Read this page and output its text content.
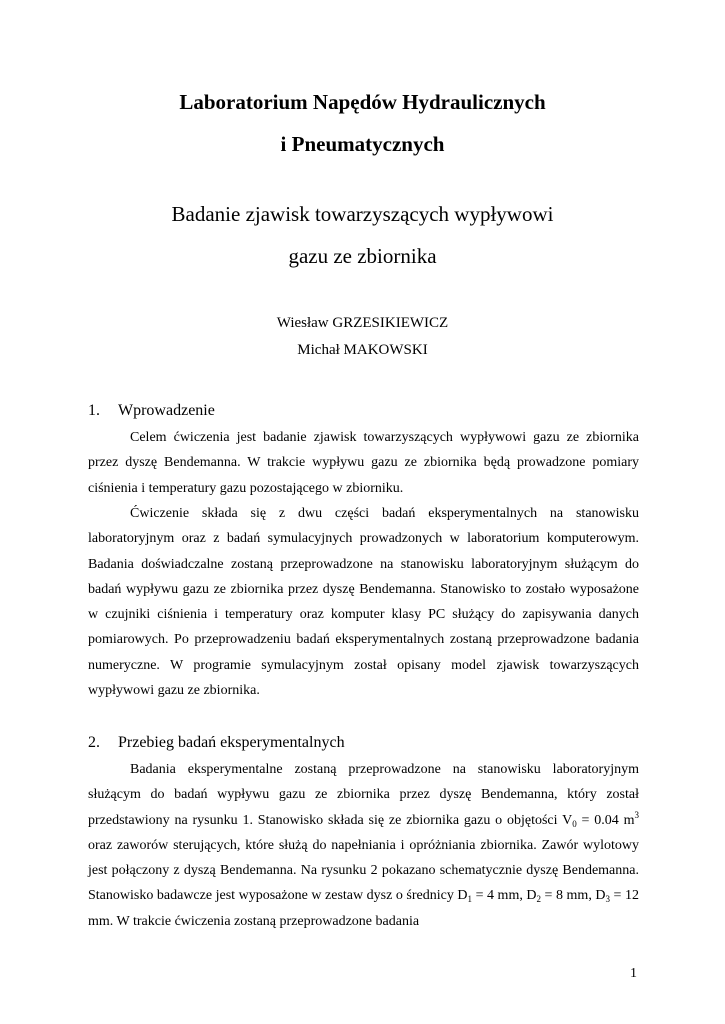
Laboratorium Napędów Hydraulicznych
i Pneumatycznych
Badanie zjawisk towarzyszących wypływowi
gazu ze zbiornika
Wiesław GRZESIKIEWICZ
Michał MAKOWSKI
1. Wprowadzenie

Celem ćwiczenia jest badanie zjawisk towarzyszących wypływowi gazu ze zbiornika przez dyszę Bendemanna. W trakcie wypływu gazu ze zbiornika będą prowadzone pomiary ciśnienia i temperatury gazu pozostającego w zbiorniku.

Ćwiczenie składa się z dwu części badań eksperymentalnych na stanowisku laboratoryjnym oraz z badań symulacyjnych prowadzonych w laboratorium komputerowym. Badania doświadczalne zostaną przeprowadzone na stanowisku laboratoryjnym służącym do badań wypływu gazu ze zbiornika przez dyszę Bendemanna. Stanowisko to zostało wyposażone w czujniki ciśnienia i temperatury oraz komputer klasy PC służący do zapisywania danych pomiarowych. Po przeprowadzeniu badań eksperymentalnych zostaną przeprowadzone badania numeryczne. W programie symulacyjnym został opisany model zjawisk towarzyszących wypływowi gazu ze zbiornika.

2. Przebieg badań eksperymentalnych

Badania eksperymentalne zostaną przeprowadzone na stanowisku laboratoryjnym służącym do badań wypływu gazu ze zbiornika przez dyszę Bendemanna, który został przedstawiony na rysunku 1. Stanowisko składa się ze zbiornika gazu o objętości $V_0 = 0.04$ $m^3$ oraz zaworów sterujących, które służą do napełniania i opróżniania zbiornika. Zawór wylotowy jest połączony z dyszą Bendemanna. Na rysunku 2 pokazano schematycznie dyszę Bendemanna. Stanowisko badawcze jest wyposażone w zestaw dysz o średnicy $D_1 = 4$ mm, $D_2 = 8$ mm, $D_3 = 12$ mm. W trakcie ćwiczenia zostaną przeprowadzone badania

1
